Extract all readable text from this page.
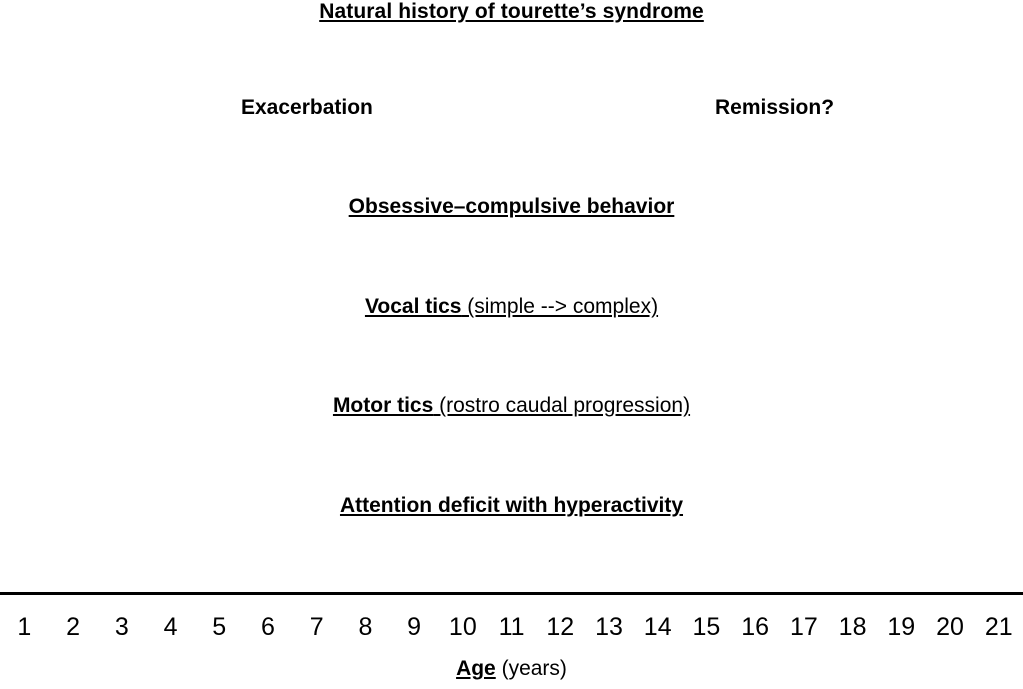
Natural history of tourette’s syndrome
Exacerbation	Remission?
Obsessive–compulsive behavior
Vocal tics (simple --> complex)
Motor tics (rostro caudal progression)
Attention deficit with hyperactivity
1	2	3	4	5	6	7	8	9	10 11 12 13 14 15 16 17 18 19 20 21
Age (years)
